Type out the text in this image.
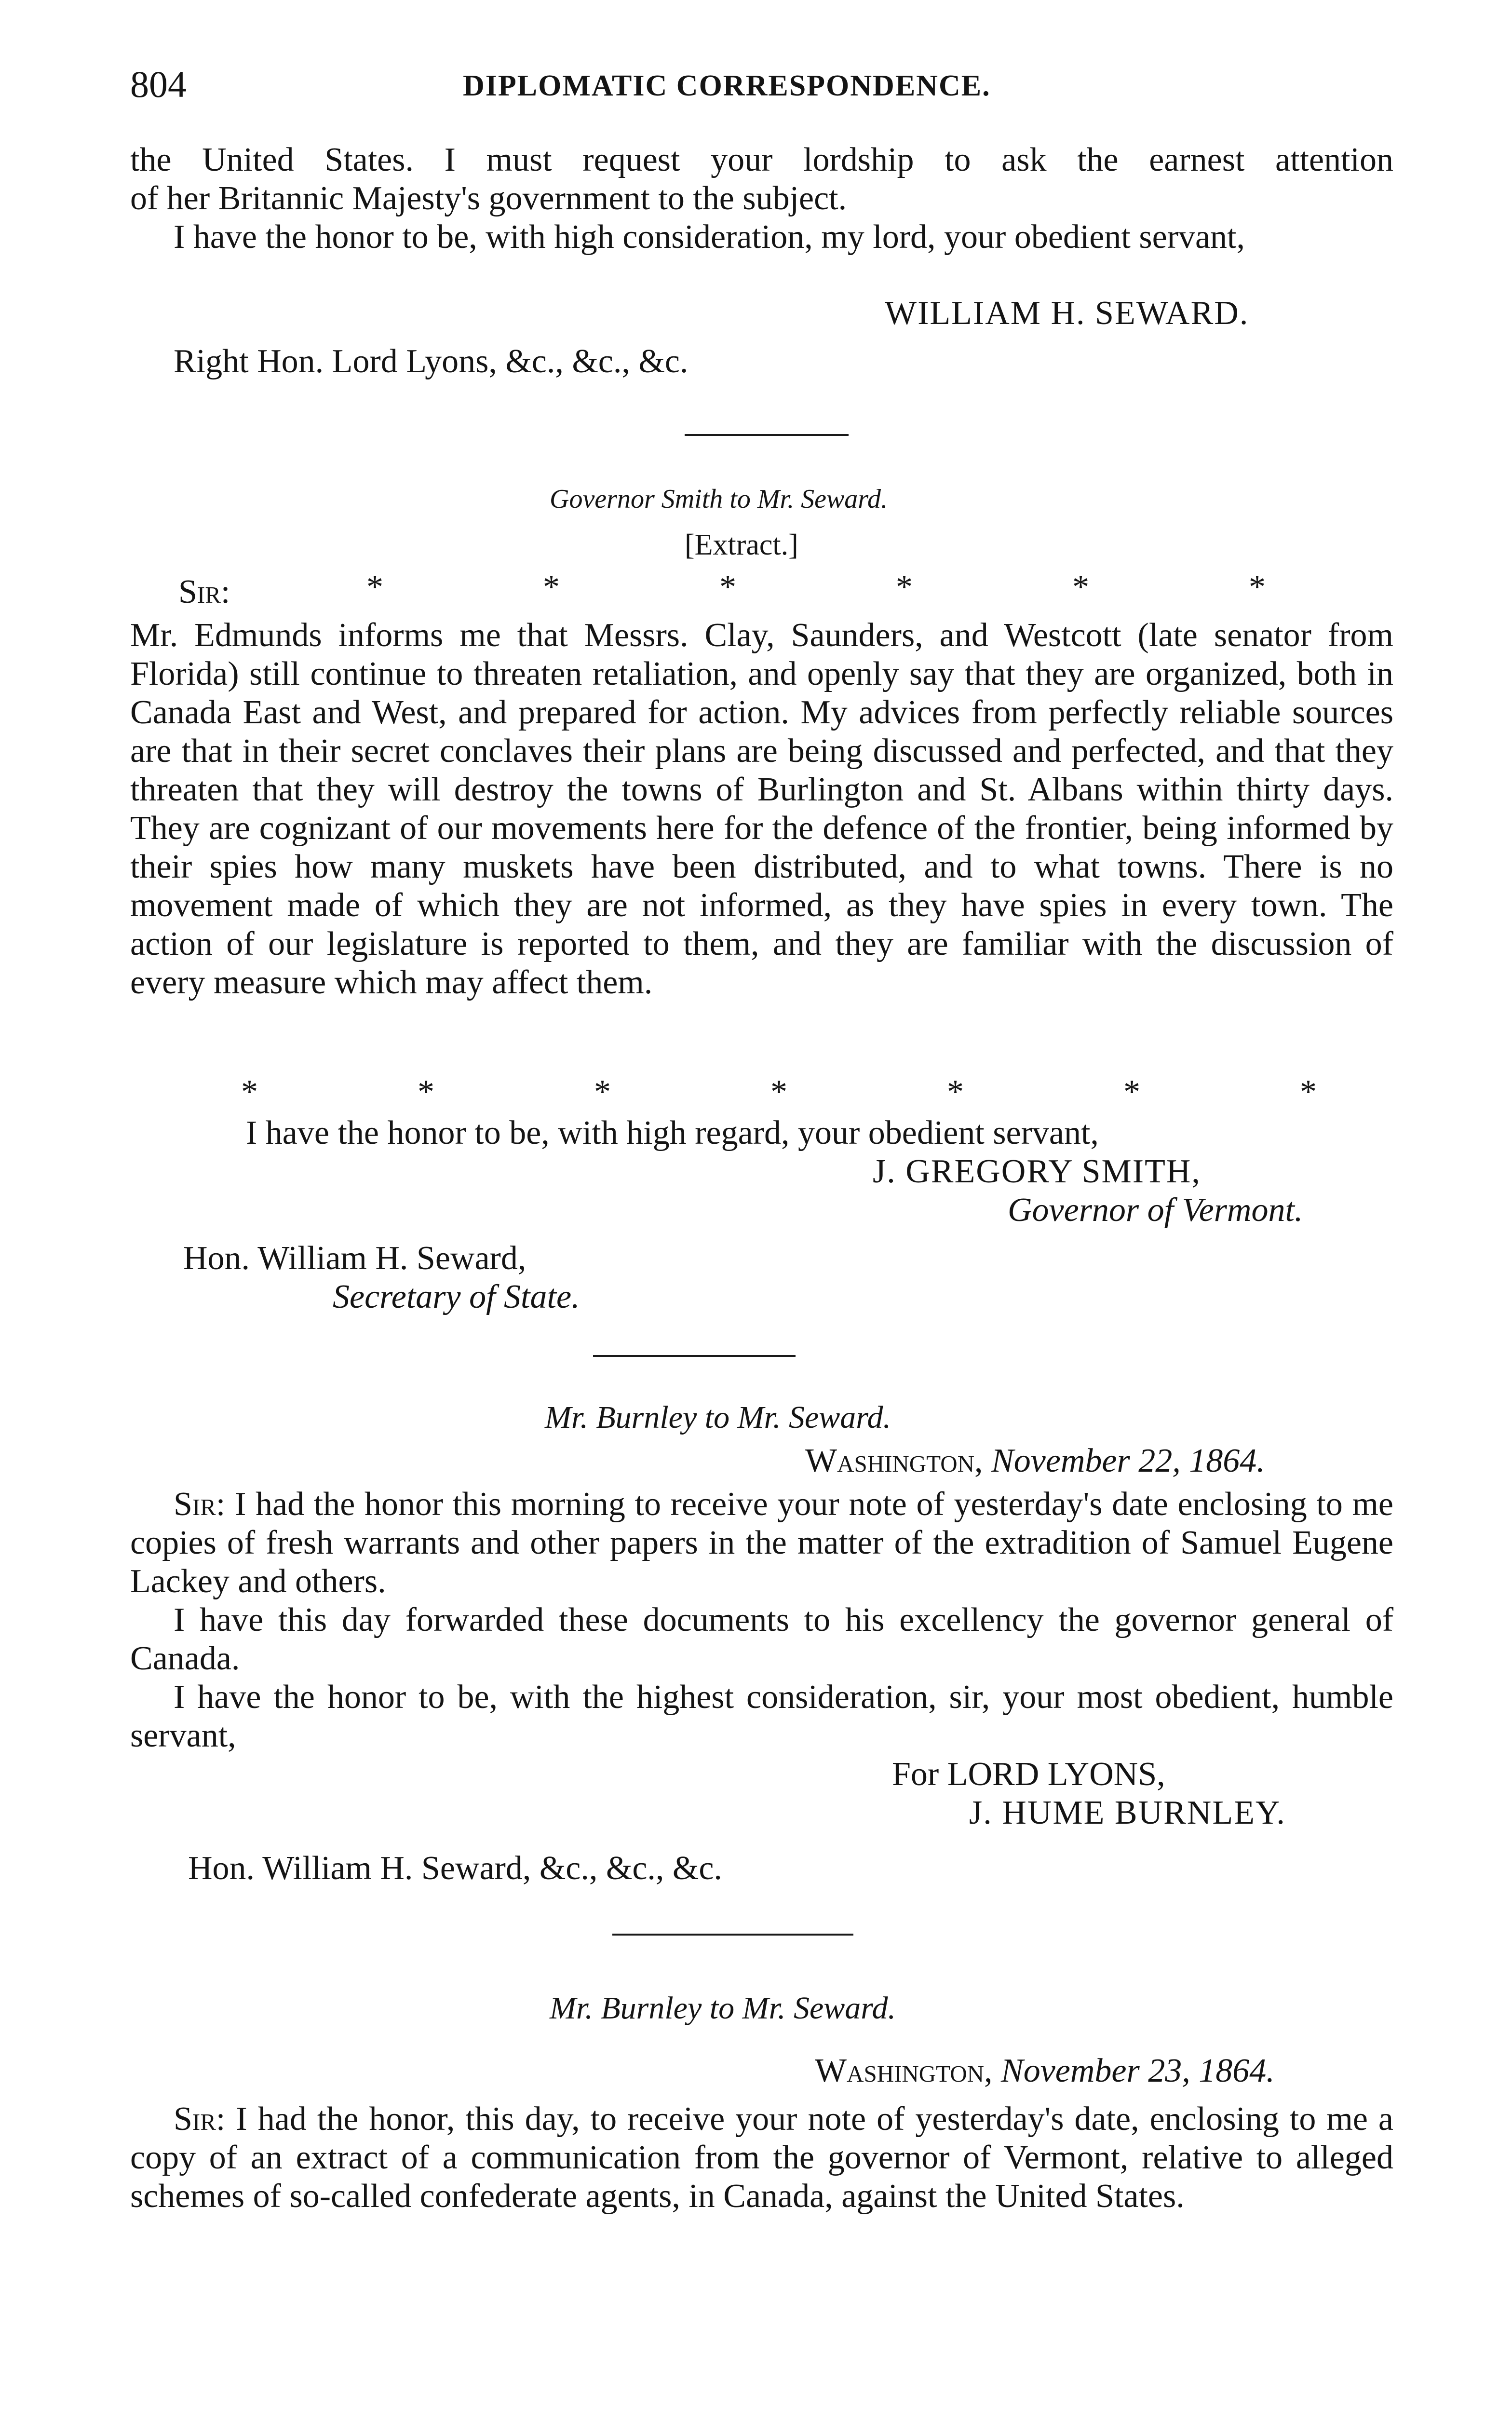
804	DIPLOMATIC CORRESPONDENCE.

the United States. I must request your lordship to ask the earnest attention

of her Britannic Majesty's government to the subject.

I have the honor to be, with high consideration, my lord, your obedient servant,

WILLIAM H. SEWARD.
Right Hon. Lord Lyons, &c., &c., &c.
Governor Smith to Mr. Seward.
[Extract.]
Sir:	*	*	*	*	*	*
Mr. Edmunds informs me that Messrs. Clay, Saunders, and Westcott (late senator from Florida) still continue to threaten retaliation, and openly say that they are organized, both in Canada East and West, and prepared for action. My advices from perfectly reliable sources are that in their secret conclaves their plans are being discussed and perfected, and that they threaten that they will destroy the towns of Burlington and St. Albans within thirty days. They are cognizant of our movements here for the defence of the frontier, being informed by their spies how many muskets have been distributed, and to what towns. There is no movement made of which they are not informed, as they have spies in every town. The action of our legislature is reported to them, and they are familiar with the discussion of every measure which may affect them.
*	*	*	*	*	*	*
I have the honor to be, with high regard, your obedient servant,
J. GREGORY SMITH,
Governor of Vermont.
Hon. William H. Seward,
Secretary of State.
Mr. Burnley to Mr. Seward.
Washington, November 22, 1864.

Sir: I had the honor this morning to receive your note of yesterday's date enclosing to me copies of fresh warrants and other papers in the matter of the extradition of Samuel Eugene Lackey and others.

I have this day forwarded these documents to his excellency the governor general of Canada.

I have the honor to be, with the highest consideration, sir, your most obedient, humble servant,

For LORD LYONS,
J. HUME BURNLEY.
Hon. William H. Seward, &c., &c., &c.
Mr. Burnley to Mr. Seward.
Washington, November 23, 1864.

Sir: I had the honor, this day, to receive your note of yesterday's date, enclosing to me a copy of an extract of a communication from the governor of Vermont, relative to alleged schemes of so-called confederate agents, in Canada, against the United States.
